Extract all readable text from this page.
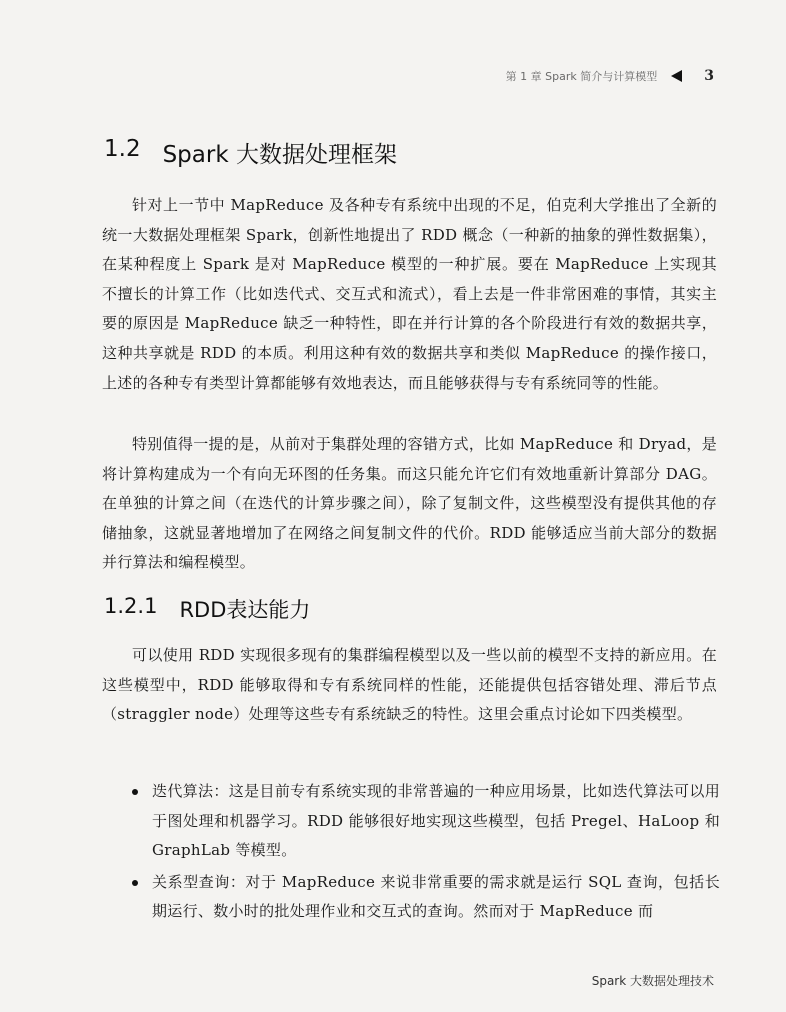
第 1 章 Spark 简介与计算模型	3
1.2 Spark 大数据处理框架

针对上一节中 MapReduce 及各种专有系统中出现的不足，伯克利大学推出了全新的统一大数据处理框架 Spark，创新性地提出了 RDD 概念（一种新的抽象的弹性数据集），在某种程度上 Spark 是对 MapReduce 模型的一种扩展。要在 MapReduce 上实现其不擅长的计算工作（比如迭代式、交互式和流式），看上去是一件非常困难的事情，其实主要的原因是 MapReduce 缺乏一种特性，即在并行计算的各个阶段进行有效的数据共享，这种共享就是 RDD 的本质。利用这种有效的数据共享和类似 MapReduce 的操作接口，上述的各种专有类型计算都能够有效地表达，而且能够获得与专有系统同等的性能。

特别值得一提的是，从前对于集群处理的容错方式，比如 MapReduce 和 Dryad，是将计算构建成为一个有向无环图的任务集。而这只能允许它们有效地重新计算部分 DAG。在单独的计算之间（在迭代的计算步骤之间），除了复制文件，这些模型没有提供其他的存储抽象，这就显著地增加了在网络之间复制文件的代价。RDD 能够适应当前大部分的数据并行算法和编程模型。

1.2.1 RDD表达能力

可以使用 RDD 实现很多现有的集群编程模型以及一些以前的模型不支持的新应用。在这些模型中，RDD 能够取得和专有系统同样的性能，还能提供包括容错处理、滞后节点（straggler node）处理等这些专有系统缺乏的特性。这里会重点讨论如下四类模型。

迭代算法：这是目前专有系统实现的非常普遍的一种应用场景，比如迭代算法可以用于图处理和机器学习。RDD 能够很好地实现这些模型，包括 Pregel、HaLoop 和 GraphLab 等模型。
关系型查询：对于 MapReduce 来说非常重要的需求就是运行 SQL 查询，包括长期运行、数小时的批处理作业和交互式的查询。然而对于 MapReduce 而
Spark 大数据处理技术
